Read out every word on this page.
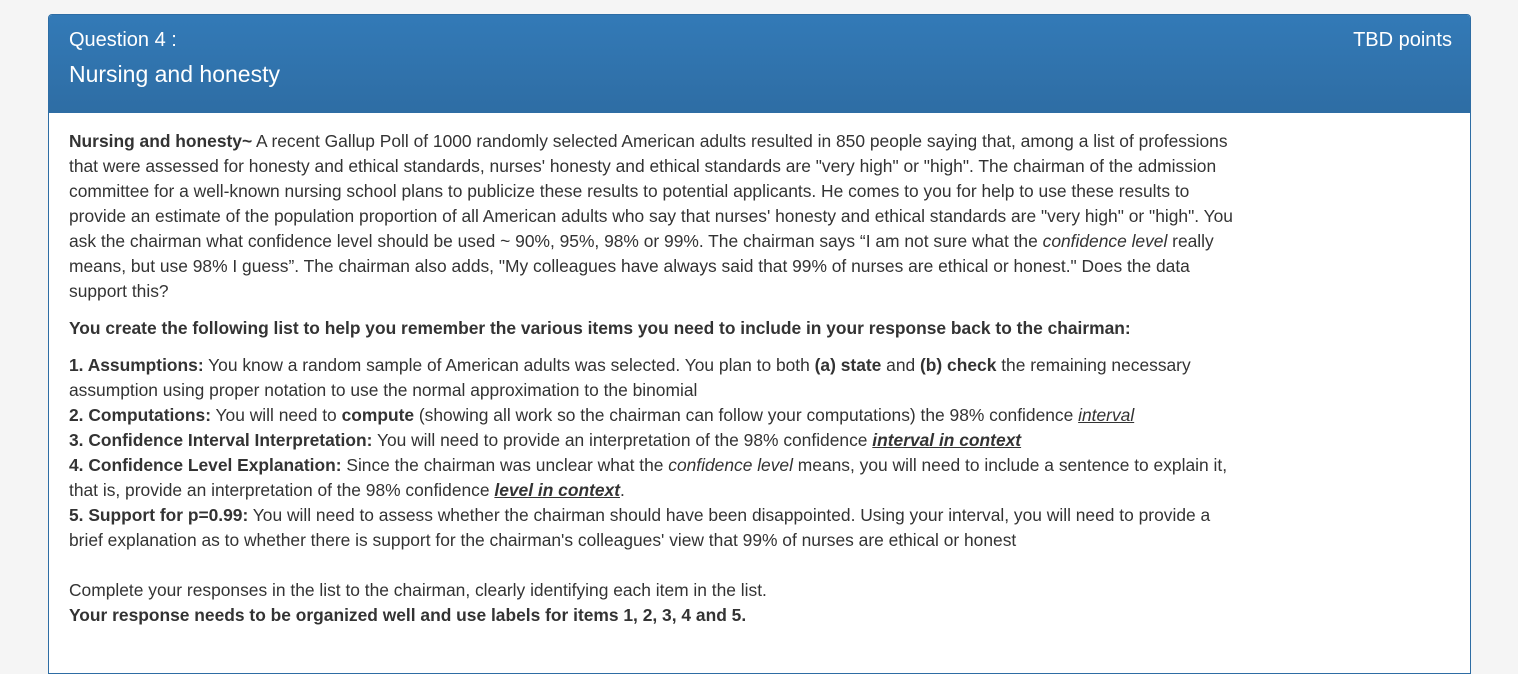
Question 4 :
Nursing and honesty
TBD points

Nursing and honesty~ A recent Gallup Poll of 1000 randomly selected American adults resulted in 850 people saying that, among a list of professions that were assessed for honesty and ethical standards, nurses' honesty and ethical standards are "very high" or "high". The chairman of the admission committee for a well-known nursing school plans to publicize these results to potential applicants. He comes to you for help to use these results to provide an estimate of the population proportion of all American adults who say that nurses' honesty and ethical standards are "very high" or "high". You ask the chairman what confidence level should be used ~ 90%, 95%, 98% or 99%. The chairman says “I am not sure what the confidence level really means, but use 98% I guess”. The chairman also adds, "My colleagues have always said that 99% of nurses are ethical or honest." Does the data support this?

You create the following list to help you remember the various items you need to include in your response back to the chairman:

1. Assumptions: You know a random sample of American adults was selected. You plan to both (a) state and (b) check the remaining necessary assumption using proper notation to use the normal approximation to the binomial
2. Computations: You will need to compute (showing all work so the chairman can follow your computations) the 98% confidence interval
3. Confidence Interval Interpretation: You will need to provide an interpretation of the 98% confidence interval in context
4. Confidence Level Explanation: Since the chairman was unclear what the confidence level means, you will need to include a sentence to explain it, that is, provide an interpretation of the 98% confidence level in context.
5. Support for p=0.99: You will need to assess whether the chairman should have been disappointed. Using your interval, you will need to provide a brief explanation as to whether there is support for the chairman's colleagues' view that 99% of nurses are ethical or honest

Complete your responses in the list to the chairman, clearly identifying each item in the list.

Your response needs to be organized well and use labels for items 1, 2, 3, 4 and 5.
